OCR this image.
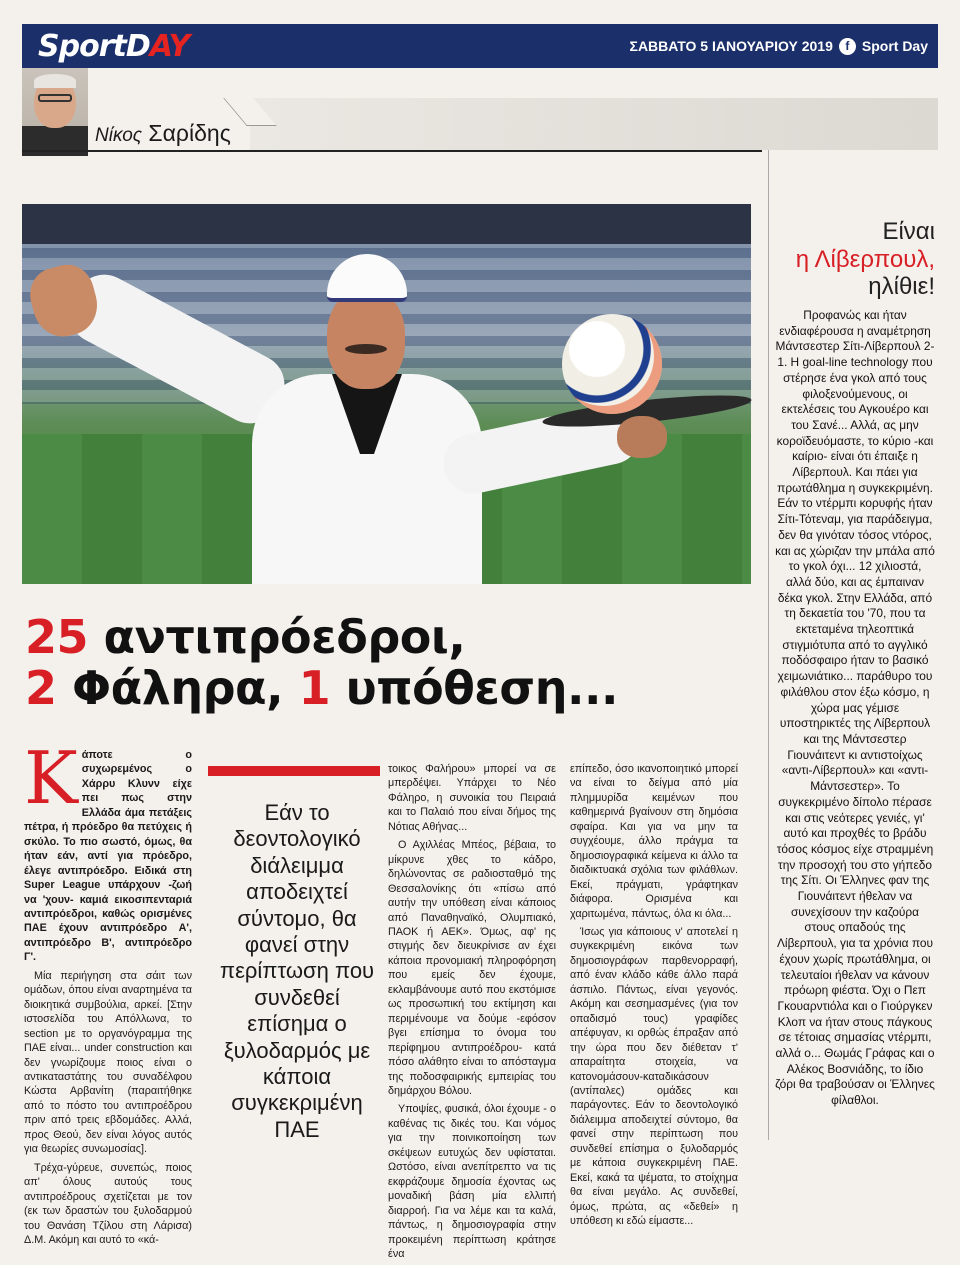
SportDAY	ΣΑΒΒΑΤΟ 5 ΙΑΝΟΥΑΡΙΟΥ 2019	f Sport Day
Νίκος Σαρίδης
Είναι
η Λίβερπουλ,
ηλίθιε!
Προφανώς και ήταν ενδιαφέρουσα η αναμέτρηση Μάντσεστερ Σίτι-Λίβερπουλ 2-1. Η goal-line technology που στέρησε ένα γκολ από τους φιλοξενούμενους, οι εκτελέσεις του Αγκουέρο και του Σανέ... Αλλά, ας μην κοροϊδευόμαστε, το κύριο -και καίριο- είναι ότι έπαιξε η Λίβερπουλ. Και πάει για πρωτάθλημα η συγκεκριμένη. Εάν το ντέρμπι κορυφής ήταν Σίτι-Τότεναμ, για παράδειγμα, δεν θα γινόταν τόσος ντόρος, και ας χώριζαν την μπάλα από το γκολ όχι... 12 χιλιοστά, αλλά δύο, και ας έμπαιναν δέκα γκολ. Στην Ελλάδα, από τη δεκαετία του '70, που τα εκτεταμένα τηλεοπτικά στιγμιότυπα από το αγγλικό ποδόσφαιρο ήταν το βασικό χειμωνιάτικο... παράθυρο του φιλάθλου στον έξω κόσμο, η χώρα μας γέμισε υποστηρικτές της Λίβερπουλ και της Μάντσεστερ Γιουνάιτεντ κι αντιστοίχως «αντι-Λίβερπουλ» και «αντι-Μάντσεστερ». Το συγκεκριμένο δίπολο πέρασε και στις νεότερες γενιές, γι' αυτό και προχθές το βράδυ τόσος κόσμος είχε στραμμένη την προσοχή του στο γήπεδο της Σίτι. Οι Έλληνες φαν της Γιουνάιτεντ ήθελαν να συνεχίσουν την καζούρα στους οπαδούς της Λίβερπουλ, για τα χρόνια που έχουν χωρίς πρωτάθλημα, οι τελευταίοι ήθελαν να κάνουν πρόωρη φιέστα. Όχι ο Πεπ Γκουαρντιόλα και ο Γιούργκεν Κλοπ να ήταν στους πάγκους σε τέτοιας σημασίας ντέρμπι, αλλά ο... Θωμάς Γράφας και ο Αλέκος Βοσνιάδης, το ίδιο ζόρι θα τραβούσαν οι Έλληνες φίλαθλοι.
25 αντιπρόεδροι,
2 Φάληρα, 1 υπόθεση...

Κάποτε ο συχωρεμένος ο Χάρρυ Κλυνν είχε πει πως στην Ελλάδα άμα πετάξεις πέτρα, ή πρόεδρο θα πετύχεις ή σκύλο. Το πιο σωστό, όμως, θα ήταν εάν, αντί για πρόεδρο, έλεγε αντιπρόεδρο. Ειδικά στη Super League υπάρχουν -ζωή να 'χουν- καμιά εικοσιπενταριά αντιπρόεδροι, καθώς ορισμένες ΠΑΕ έχουν αντιπρόεδρο Α', αντιπρόεδρο Β', αντιπρόεδρο Γ'.

Μία περιήγηση στα σάιτ των ομάδων, όπου είναι αναρτημένα τα διοικητικά συμβούλια, αρκεί. [Στην ιστοσελίδα του Απόλλωνα, το section με το οργανόγραμμα της ΠΑΕ είναι... under construction και δεν γνωρίζουμε ποιος είναι ο αντικαταστάτης του συναδέλφου Κώστα Αρβανίτη (παραιτήθηκε από το πόστο του αντιπροέδρου πριν από τρεις εβδομάδες. Αλλά, προς Θεού, δεν είναι λόγος αυτός για θεωρίες συνωμοσίας].

Τρέχα-γύρευε, συνεπώς, ποιος απ' όλους αυτούς τους αντιπροέδρους σχετίζεται με τον (εκ των δραστών του ξυλοδαρμού του Θανάση Τζίλου στη Λάρισα) Δ.Μ. Ακόμη και αυτό το «κά-

Εάν το δεοντολογικό διάλειμμα αποδειχτεί σύντομο, θα φανεί στην περίπτωση που συνδεθεί επίσημα ο ξυλοδαρμός με κάποια συγκεκριμένη ΠΑΕ

τοικος Φαλήρου» μπορεί να σε μπερδέψει. Υπάρχει το Νέο Φάληρο, η συνοικία του Πειραιά και το Παλαιό που είναι δήμος της Νότιας Αθήνας...

Ο Αχιλλέας Μπέος, βέβαια, το μίκρυνε χθες το κάδρο, δηλώνοντας σε ραδιοσταθμό της Θεσσαλονίκης ότι «πίσω από αυτήν την υπόθεση είναι κάποιος από Παναθηναϊκό, Ολυμπιακό, ΠΑΟΚ ή ΑΕΚ». Όμως, αφ' ης στιγμής δεν διευκρίνισε αν έχει κάποια προνομιακή πληροφόρηση που εμείς δεν έχουμε, εκλαμβάνουμε αυτό που εκστόμισε ως προσωπική του εκτίμηση και περιμένουμε να δούμε -εφόσον βγει επίσημα το όνομα του περίφημου αντιπροέδρου- κατά πόσο αλάθητο είναι το απόσταγμα της ποδοσφαιρικής εμπειρίας του δημάρχου Βόλου.

Υποψίες, φυσικά, όλοι έχουμε - ο καθένας τις δικές του. Και νόμος για την ποινικοποίηση των σκέψεων ευτυχώς δεν υφίσταται. Ωστόσο, είναι ανεπίτρεπτο να τις εκφράζουμε δημοσία έχοντας ως μοναδική βάση μία ελλιπή διαρροή. Για να λέμε και τα καλά, πάντως, η δημοσιογραφία στην προκειμένη περίπτωση κράτησε ένα

επίπεδο, όσο ικανοποιητικό μπορεί να είναι το δείγμα από μία πλημμυρίδα κειμένων που καθημερινά βγαίνουν στη δημόσια σφαίρα. Και για να μην τα συγχέουμε, άλλο πράγμα τα δημοσιογραφικά κείμενα κι άλλο τα διαδικτυακά σχόλια των φιλάθλων. Εκεί, πράγματι, γράφτηκαν διάφορα. Ορισμένα και χαριτωμένα, πάντως, όλα κι όλα...

Ίσως για κάποιους ν' αποτελεί η συγκεκριμένη εικόνα των δημοσιογράφων παρθενορραφή, από έναν κλάδο κάθε άλλο παρά άσπιλο. Πάντως, είναι γεγονός. Ακόμη και σεσημασμένες (για τον οπαδισμό τους) γραφίδες απέφυγαν, κι ορθώς έπραξαν από την ώρα που δεν διέθεταν τ' απαραίτητα στοιχεία, να κατονομάσουν-καταδικάσουν (αντίπαλες) ομάδες και παράγοντες. Εάν το δεοντολογικό διάλειμμα αποδειχτεί σύντομο, θα φανεί στην περίπτωση που συνδεθεί επίσημα ο ξυλοδαρμός με κάποια συγκεκριμένη ΠΑΕ. Εκεί, κακά τα ψέματα, το στοίχημα θα είναι μεγάλο. Ας συνδεθεί, όμως, πρώτα, ας «δεθεί» η υπόθεση κι εδώ είμαστε...
